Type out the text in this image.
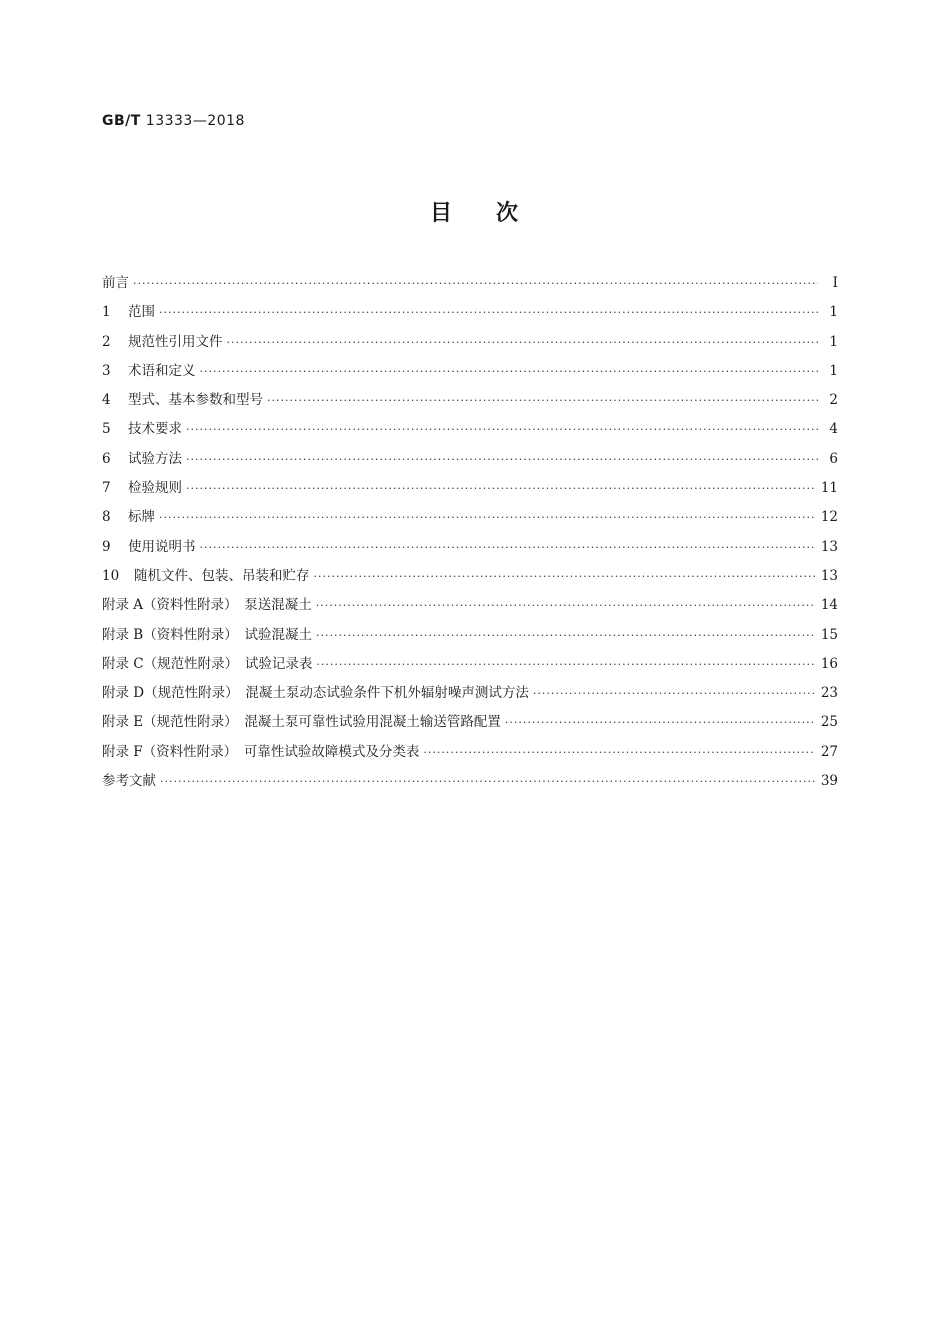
GB/T 13333—2018
目 次
前言 ·····	Ⅰ
1 范围 ·····	1
2 规范性引用文件 ·····	1
3 术语和定义 ·····	1
4 型式、基本参数和型号 ·····	2
5 技术要求 ·····	4
6 试验方法 ·····	6
7 检验规则 ·····	11
8 标牌 ·····	12
9 使用说明书 ·····	13
10 随机文件、包装、吊装和贮存 ·····	13
附录 A（资料性附录）　泵送混凝土 ·····	14
附录 B（资料性附录）　试验混凝土 ·····	15
附录 C（规范性附录）　试验记录表 ·····	16
附录 D（规范性附录）　混凝土泵动态试验条件下机外辐射噪声测试方法 ·····	23
附录 E（规范性附录）　混凝土泵可靠性试验用混凝土输送管路配置 ·····	25
附录 F（资料性附录）　可靠性试验故障模式及分类表 ·····	27
参考文献 ·····	39
